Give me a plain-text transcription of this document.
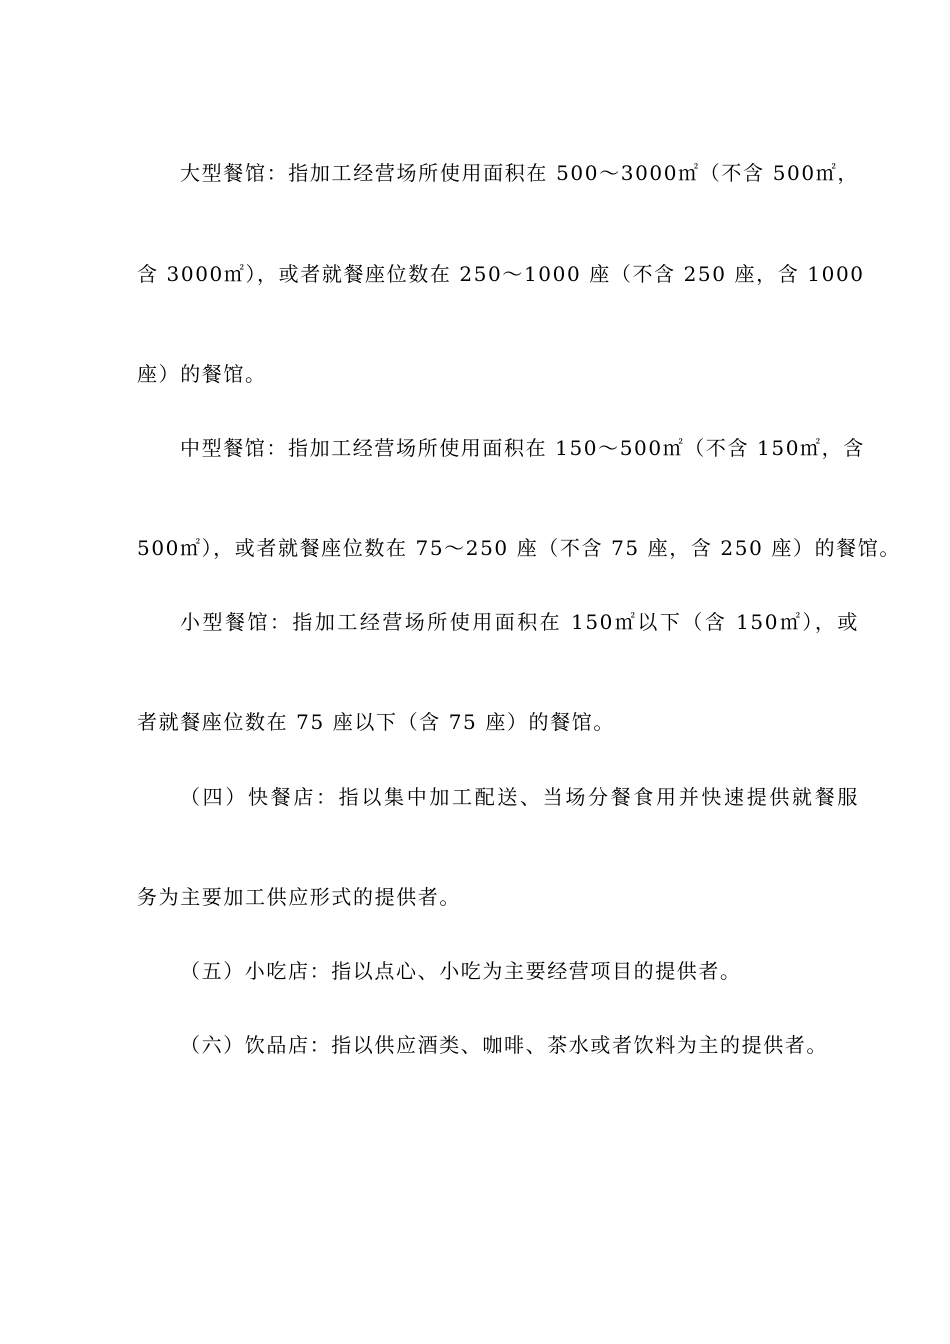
大型餐馆：指加工经营场所使用面积在 500～3000㎡（不含 500㎡，
含 3000㎡），或者就餐座位数在 250～1000 座（不含 250 座，含 1000
座）的餐馆。
中型餐馆：指加工经营场所使用面积在 150～500㎡（不含 150㎡，含
500㎡），或者就餐座位数在 75～250 座（不含 75 座，含 250 座）的餐馆。
小型餐馆：指加工经营场所使用面积在 150㎡以下（含 150㎡），或
者就餐座位数在 75 座以下（含 75 座）的餐馆。
（四）快餐店：指以集中加工配送、当场分餐食用并快速提供就餐服
务为主要加工供应形式的提供者。
（五）小吃店：指以点心、小吃为主要经营项目的提供者。
（六）饮品店：指以供应酒类、咖啡、茶水或者饮料为主的提供者。
